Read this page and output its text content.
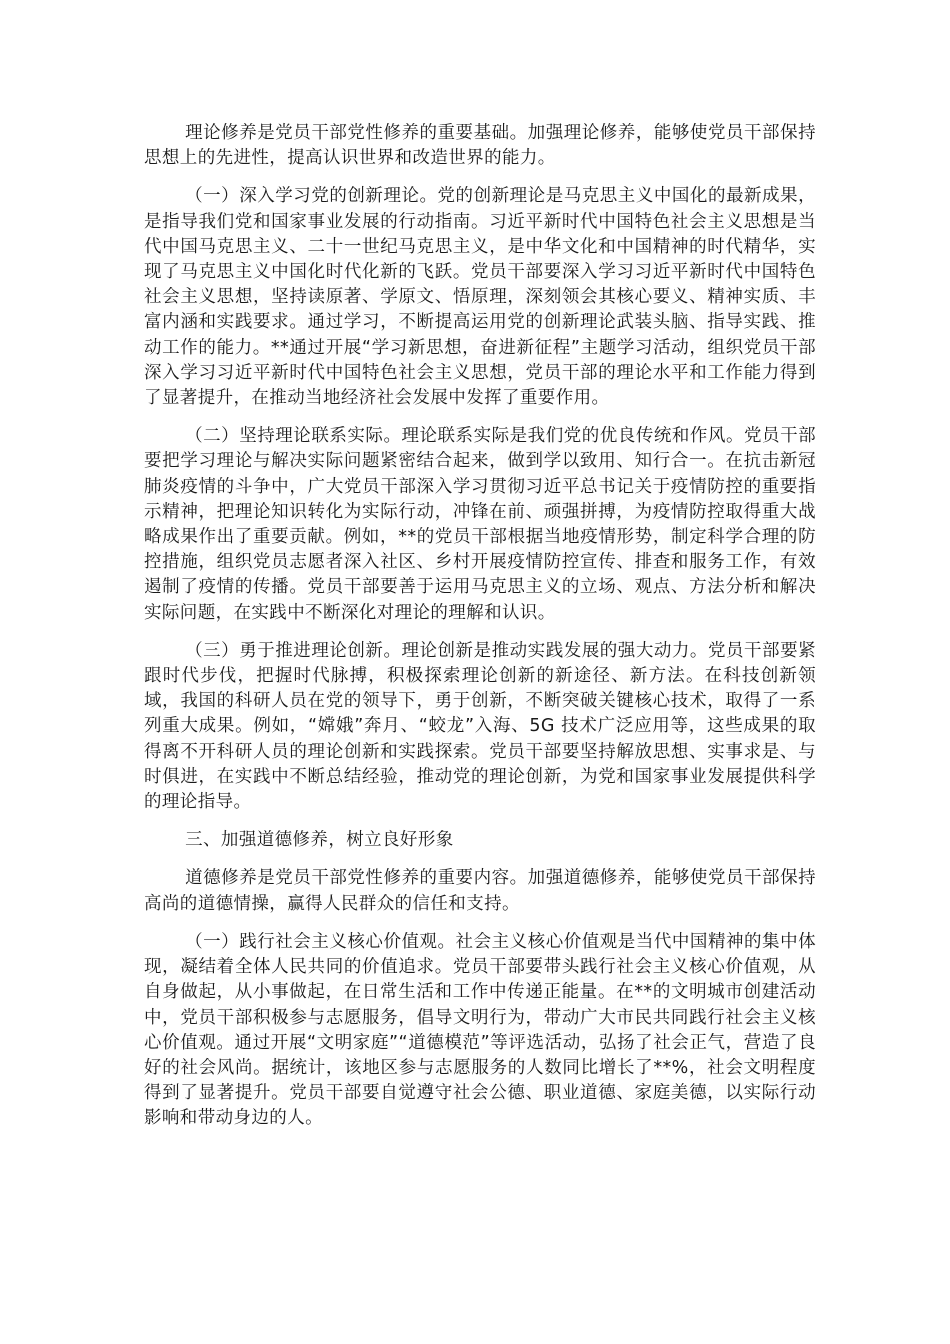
理论修养是党员干部党性修养的重要基础。加强理论修养，能够使党员干部保持思想上的先进性，提高认识世界和改造世界的能力。

（一）深入学习党的创新理论。党的创新理论是马克思主义中国化的最新成果，是指导我们党和国家事业发展的行动指南。习近平新时代中国特色社会主义思想是当代中国马克思主义、二十一世纪马克思主义，是中华文化和中国精神的时代精华，实现了马克思主义中国化时代化新的飞跃。党员干部要深入学习习近平新时代中国特色社会主义思想，坚持读原著、学原文、悟原理，深刻领会其核心要义、精神实质、丰富内涵和实践要求。通过学习，不断提高运用党的创新理论武装头脑、指导实践、推动工作的能力。**通过开展“学习新思想，奋进新征程”主题学习活动，组织党员干部深入学习习近平新时代中国特色社会主义思想，党员干部的理论水平和工作能力得到了显著提升，在推动当地经济社会发展中发挥了重要作用。

（二）坚持理论联系实际。理论联系实际是我们党的优良传统和作风。党员干部要把学习理论与解决实际问题紧密结合起来，做到学以致用、知行合一。在抗击新冠肺炎疫情的斗争中，广大党员干部深入学习贯彻习近平总书记关于疫情防控的重要指示精神，把理论知识转化为实际行动，冲锋在前、顽强拼搏，为疫情防控取得重大战略成果作出了重要贡献。例如，**的党员干部根据当地疫情形势，制定科学合理的防控措施，组织党员志愿者深入社区、乡村开展疫情防控宣传、排查和服务工作，有效遏制了疫情的传播。党员干部要善于运用马克思主义的立场、观点、方法分析和解决实际问题，在实践中不断深化对理论的理解和认识。

（三）勇于推进理论创新。理论创新是推动实践发展的强大动力。党员干部要紧跟时代步伐，把握时代脉搏，积极探索理论创新的新途径、新方法。在科技创新领域，我国的科研人员在党的领导下，勇于创新，不断突破关键核心技术，取得了一系列重大成果。例如，“嫦娥”奔月、“蛟龙”入海、5G 技术广泛应用等，这些成果的取得离不开科研人员的理论创新和实践探索。党员干部要坚持解放思想、实事求是、与时俱进，在实践中不断总结经验，推动党的理论创新，为党和国家事业发展提供科学的理论指导。

三、加强道德修养，树立良好形象

道德修养是党员干部党性修养的重要内容。加强道德修养，能够使党员干部保持高尚的道德情操，赢得人民群众的信任和支持。

（一）践行社会主义核心价值观。社会主义核心价值观是当代中国精神的集中体现，凝结着全体人民共同的价值追求。党员干部要带头践行社会主义核心价值观，从自身做起，从小事做起，在日常生活和工作中传递正能量。在**的文明城市创建活动中，党员干部积极参与志愿服务，倡导文明行为，带动广大市民共同践行社会主义核心价值观。通过开展“文明家庭”“道德模范”等评选活动，弘扬了社会正气，营造了良好的社会风尚。据统计，该地区参与志愿服务的人数同比增长了**%，社会文明程度得到了显著提升。党员干部要自觉遵守社会公德、职业道德、家庭美德，以实际行动影响和带动身边的人。
